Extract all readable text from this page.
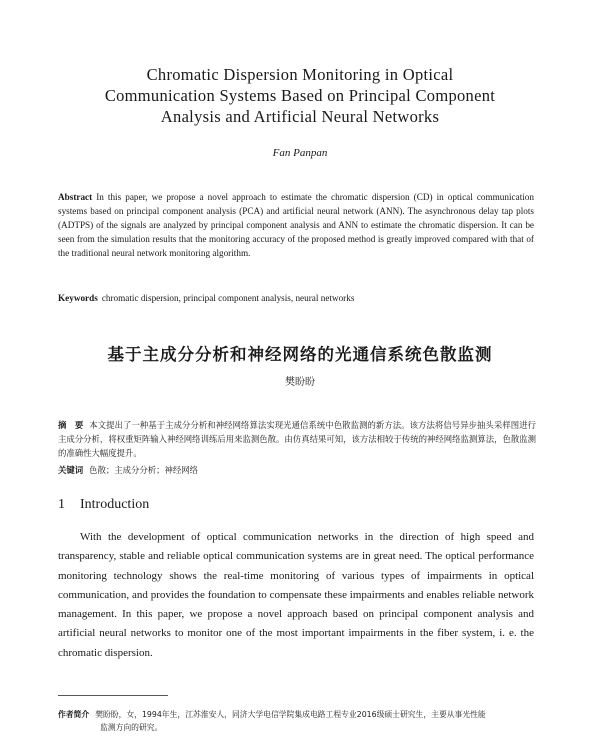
Chromatic Dispersion Monitoring in Optical
Communication Systems Based on Principal Component
Analysis and Artificial Neural Networks
Fan Panpan
Abstract In this paper, we propose a novel approach to estimate the chromatic dispersion (CD) in optical communication systems based on principal component analysis (PCA) and artificial neural network (ANN). The asynchronous delay tap plots (ADTPS) of the signals are analyzed by principal component analysis and ANN to estimate the chromatic dispersion. It can be seen from the simulation results that the monitoring accuracy of the proposed method is greatly improved compared with that of the traditional neural network monitoring algorithm.
Keywords chromatic dispersion, principal component analysis, neural networks
基于主成分分析和神经网络的光通信系统色散监测
樊盼盼
摘　要 本文提出了一种基于主成分分析和神经网络算法实现光通信系统中色散监测的新方法。该方法将信号异步抽头采样图进行主成分分析，将权重矩阵输入神经网络训练后用来监测色散。由仿真结果可知，该方法相较于传统的神经网络监测算法，色散监测的准确性大幅度提升。
关键词 色散；主成分分析；神经网络
1 Introduction
With the development of optical communication networks in the direction of high speed and transparency, stable and reliable optical communication systems are in great need. The optical performance monitoring technology shows the real-time monitoring of various types of impairments in optical communication, and provides the foundation to compensate these impairments and enables reliable network management. In this paper, we propose a novel approach based on principal component analysis and artificial neural networks to monitor one of the most important impairments in the fiber system, i. e. the chromatic dispersion.
作者简介 樊盼盼，女，1994年生，江苏淮安人，同济大学电信学院集成电路工程专业2016级硕士研究生，主要从事光性能
监测方向的研究。
